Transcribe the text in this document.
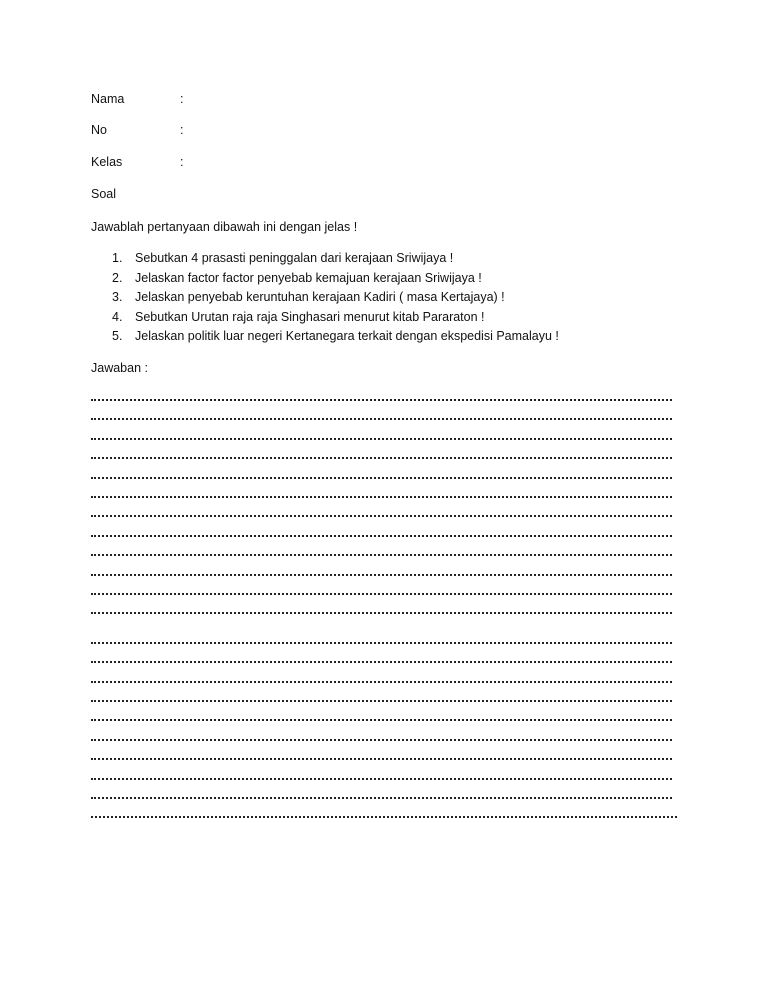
Nama	:
No	:
Kelas	:
Soal
Jawablah pertanyaan dibawah ini dengan jelas !
1. Sebutkan 4 prasasti peninggalan dari kerajaan Sriwijaya !
2. Jelaskan factor factor penyebab kemajuan kerajaan Sriwijaya !
3. Jelaskan penyebab keruntuhan kerajaan Kadiri ( masa Kertajaya) !
4. Sebutkan Urutan raja raja Singhasari menurut kitab Pararaton !
5. Jelaskan politik luar negeri Kertanegara terkait dengan ekspedisi Pamalayu !
Jawaban :
